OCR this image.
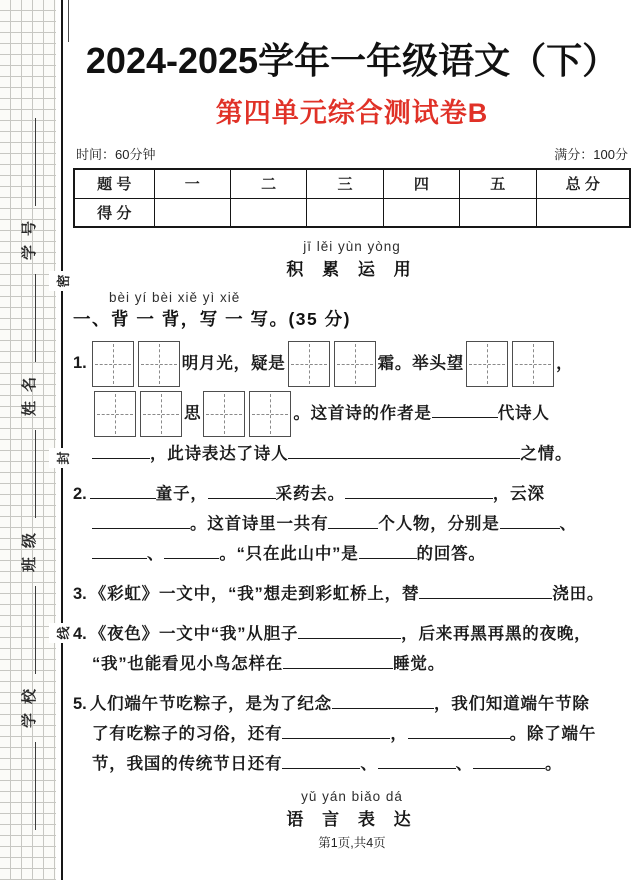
学校
班级
姓名
学号
密
封
线
2024-2025学年一年级语文（下）
第四单元综合测试卷B
时间：60分钟	满分：100分
题 号	一	二	三	四	五	总 分
得 分						
jī lěi yùn yòng
积 累 运 用
bèi yí bèi xiě yì xiě
一、背 一 背，写 一 写。(35 分)
1.	明月光，疑是	霜。举头望	，
思	。这首诗的作者是	代诗人
，此诗表达了诗人	之情。
2.	童子，	采药去。	，云深
。这首诗里一共有	个人物，分别是	、
、	。“只在此山中”是	的回答。
3. 《彩虹》一文中，“我”想走到彩虹桥上，替	浇田。
4. 《夜色》一文中“我”从胆子	，后来再黑再黑的夜晚，
“我”也能看见小鸟怎样在	睡觉。
5. 人们端午节吃粽子，是为了纪念	，我们知道端午节除
了有吃粽子的习俗，还有	，	。除了端午
节，我国的传统节日还有	、	、	。
yǔ yán biǎo dá
语 言 表 达
第1页,共4页
